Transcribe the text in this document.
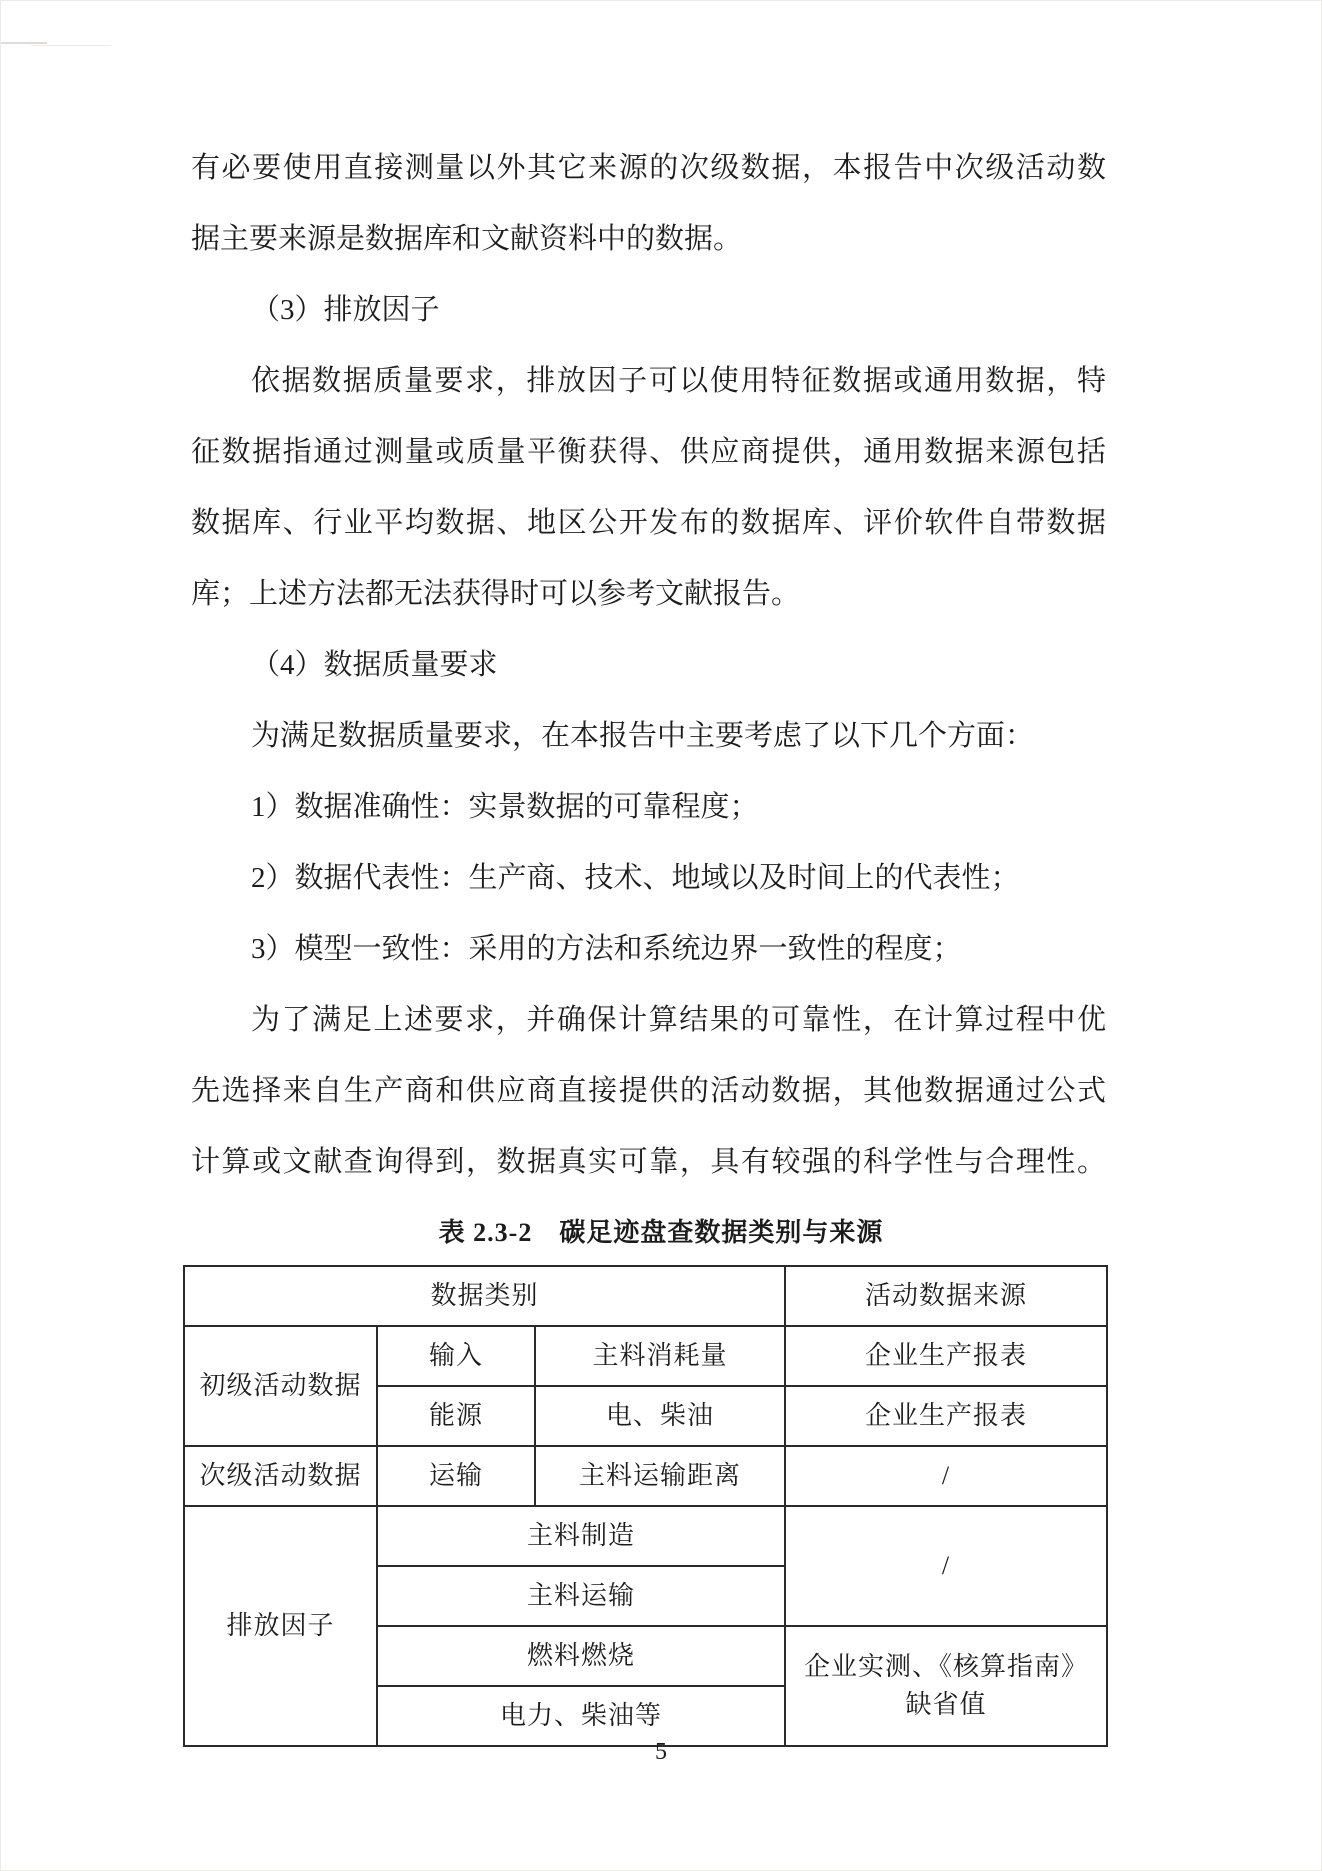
有必要使用直接测量以外其它来源的次级数据，本报告中次级活动数
据主要来源是数据库和文献资料中的数据。
（3）排放因子
依据数据质量要求，排放因子可以使用特征数据或通用数据，特
征数据指通过测量或质量平衡获得、供应商提供，通用数据来源包括
数据库、行业平均数据、地区公开发布的数据库、评价软件自带数据
库；上述方法都无法获得时可以参考文献报告。
（4）数据质量要求
为满足数据质量要求，在本报告中主要考虑了以下几个方面：
1）数据准确性：实景数据的可靠程度；
2）数据代表性：生产商、技术、地域以及时间上的代表性；
3）模型一致性：采用的方法和系统边界一致性的程度；
为了满足上述要求，并确保计算结果的可靠性，在计算过程中优
先选择来自生产商和供应商直接提供的活动数据，其他数据通过公式
计算或文献查询得到，数据真实可靠，具有较强的科学性与合理性。
表 2.3-2　碳足迹盘查数据类别与来源
数据类别			活动数据来源
初级活动数据	输入	主料消耗量	企业生产报表
	能源	电、柴油	企业生产报表
次级活动数据	运输	主料运输距离	/
排放因子	主料制造		/
	主料运输		
	燃料燃烧		企业实测、《核算指南》缺省值
	电力、柴油等		
5
